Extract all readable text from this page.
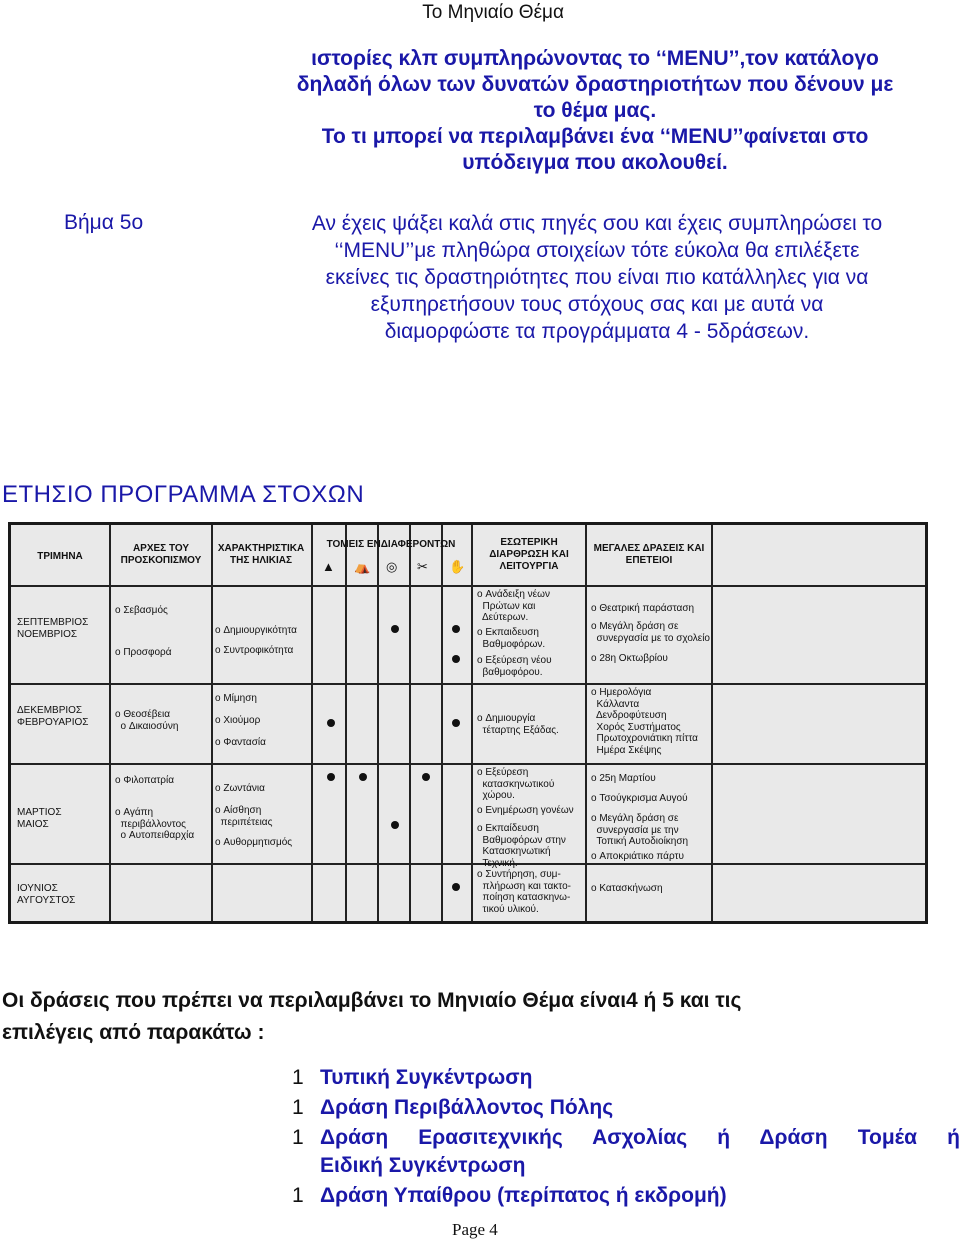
Το Μηνιαίο Θέμα
ιστορίες κλπ συμπληρώνοντας το ‘‘MENU’’,τον κατάλογο
δηλαδή όλων των δυνατών δραστηριοτήτων που δένουν με
το θέμα μας.
Το τι μπορεί να περιλαμβάνει ένα ‘‘MENU’’φαίνεται στο
υπόδειγμα που ακολουθεί.
Βήμα 5ο	Αν έχεις ψάξει καλά στις πηγές σου και έχεις συμπληρώσει το
‘‘MENU’’με πληθώρα στοιχείων τότε εύκολα θα επιλέξετε
εκείνες τις δραστηριότητες που είναι πιο κατάλληλες για να
εξυπηρετήσουν τους στόχους σας και με αυτά να
διαμορφώστε τα προγράμματα 4 - 5δράσεων.
ΕΤΗΣΙΟ ΠΡΟΓΡΑΜΜΑ ΣΤΟΧΩΝ
ΤΡΙΜΗΝΑ
ΑΡΧΕΣ ΤΟΥ ΠΡΟΣΚΟΠΙΣΜΟΥ
ΧΑΡΑΚΤΗΡΙΣΤΙΚΑ ΤΗΣ ΗΛΙΚΙΑΣ
ΤΟΜΕΙΣ ΕΝΔΙΑΦΕΡΟΝΤΩΝ	ΕΣΩΤΕΡΙΚΗ ΔΙΑΡΘΡΩΣΗ ΚΑΙ ΛΕΙΤΟΥΡΓΙΑ
ΜΕΓΑΛΕΣ ΔΡΑΣΕΙΣ ΚΑΙ ΕΠΕΤΕΙΟΙ
▲ ⛺ ◎ ✂ ✋
ΣΕΠΤΕΜΒΡΙΟΣ
ΝΟΕΜΒΡΙΟΣ
o Σεβασμός
o Προσφορά
o Δημιουργικότητα
o Συντροφικότητα
o Ανάδειξη νέων
Πρώτων και
Δεύτερων.
o Εκπαιδευση
Βαθμοφόρων.
o Εξεύρεση νέου
βαθμοφόρου.
o Θεατρική παράσταση
o Μεγάλη δράση σε
συνεργασία με το σχολείο
o 28η Οκτωβρίου
ΔΕΚΕΜΒΡΙΟΣ
ΦΕΒΡΟΥΑΡΙΟΣ
o Θεοσέβεια
o Δικαιοσύνη
o Μίμηση
o Χιούμορ
o Φαντασία
o Δημιουργία
τέταρτης Εξάδας.
o Ημερολόγια
Κάλλαντα
Δενδροφύτευση
Χορός Συστήματος
Πρωτοχρονιάτικη πίττα
Ημέρα Σκέψης
ΜΑΡΤΙΟΣ
ΜΑΙΟΣ
o Φιλοπατρία
o Αγάπη
περιβάλλοντος
o Αυτοπειθαρχία
o Ζωντάνια
o Αίσθηση
περιπέτειας
o Αυθορμητισμός
o Εξεύρεση
κατασκηνωτικού
χώρου.
o Ενημέρωση γονέων
o Εκπαίδευση
Βαθμοφόρων στην
Κατασκηνωτική
Τεχνική.
o 25η Μαρτίου
o Τσούγκρισμα Αυγού
o Μεγάλη δράση σε
συνεργασία με την
Τοπική Αυτοδιοίκηση
o Αποκριάτικο πάρτυ
ΙΟΥΝΙΟΣ
ΑΥΓΟΥΣΤΟΣ
o Συντήρηση, συμ-
πλήρωση και τακτο-
ποίηση κατασκηνω-
τικού υλικού.
o Κατασκήνωση
Οι δράσεις που πρέπει να περιλαμβάνει το Μηνιαίο Θέμα είναι4 ή 5 και τις
επιλέγεις από παρακάτω :
1 Τυπική Συγκέντρωση
1 Δράση Περιβάλλοντος Πόλης
1 Δράση Ερασιτεχνικής Ασχολίας ή Δράση Τομέα ή
Ειδική Συγκέντρωση
1 Δράση Υπαίθρου (περίπατος ή εκδρομή)
Page 4
